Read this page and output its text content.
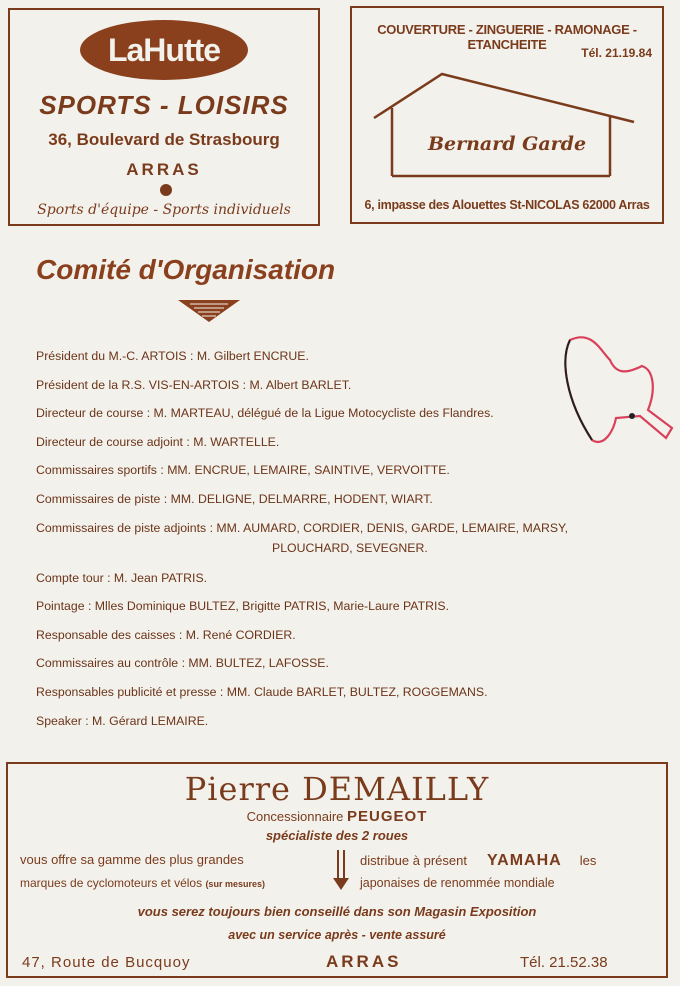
LaHutte
SPORTS - LOISIRS
36, Boulevard de Strasbourg
ARRAS
Sports d'équipe - Sports individuels
COUVERTURE - ZINGUERIE - RAMONAGE - ETANCHEITE
Tél. 21.19.84
Bernard Garde
6, impasse des Alouettes St-NICOLAS 62000 Arras
Comité d'Organisation
Président du M.-C. ARTOIS : M. Gilbert ENCRUE.
Président de la R.S. VIS-EN-ARTOIS : M. Albert BARLET.
Directeur de course : M. MARTEAU, délégué de la Ligue Motocycliste des Flandres.
Directeur de course adjoint : M. WARTELLE.
Commissaires sportifs : MM. ENCRUE, LEMAIRE, SAINTIVE, VERVOITTE.
Commissaires de piste : MM. DELIGNE, DELMARRE, HODENT, WIART.
Commissaires de piste adjoints : MM. AUMARD, CORDIER, DENIS, GARDE, LEMAIRE, MARSY,
PLOUCHARD, SEVEGNER.
Compte tour : M. Jean PATRIS.
Pointage : Mlles Dominique BULTEZ, Brigitte PATRIS, Marie-Laure PATRIS.
Responsable des caisses : M. René CORDIER.
Commissaires au contrôle : MM. BULTEZ, LAFOSSE.
Responsables publicité et presse : MM. Claude BARLET, BULTEZ, ROGGEMANS.
Speaker : M. Gérard LEMAIRE.
Pierre DEMAILLY
Concessionnaire PEUGEOT
spécialiste des 2 roues
vous offre sa gamme des plus grandes
marques de cyclomoteurs et vélos (sur mesures)
distribue à présent YAMAHA les
japonaises de renommée mondiale
vous serez toujours bien conseillé dans son Magasin Exposition
avec un service après - vente assuré
47, Route de Bucquoy	ARRAS	Tél. 21.52.38
